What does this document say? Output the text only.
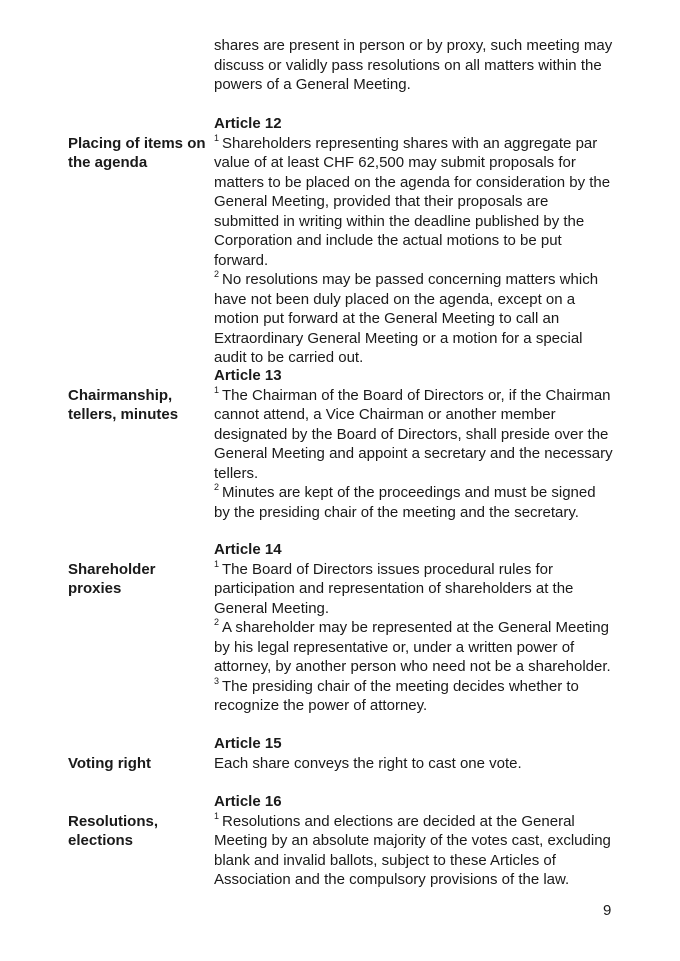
shares are present in person or by proxy, such meeting may discuss or validly pass resolutions on all matters within the powers of a General Meeting.
Placing of items on the agenda
Article 12
$^1$ Shareholders representing shares with an aggregate par value of at least CHF 62,500 may submit proposals for matters to be placed on the agenda for consideration by the General Meeting, provided that their proposals are submitted in writing within the deadline published by the Corporation and include the actual motions to be put forward.
$^2$ No resolutions may be passed concerning matters which have not been duly placed on the agenda, except on a motion put forward at the General Meeting to call an Extraordinary General Meeting or a motion for a special audit to be carried out.
Chairmanship, tellers, minutes
Article 13
$^1$ The Chairman of the Board of Directors or, if the Chairman cannot attend, a Vice Chairman or another member designated by the Board of Directors, shall preside over the General Meeting and appoint a secretary and the necessary tellers.
$^2$ Minutes are kept of the proceedings and must be signed by the presiding chair of the meeting and the secretary.
Shareholder proxies
Article 14
$^1$ The Board of Directors issues procedural rules for participation and representation of shareholders at the General Meeting.
$^2$ A shareholder may be represented at the General Meeting by his legal representative or, under a written power of attorney, by another person who need not be a shareholder.
$^3$ The presiding chair of the meeting decides whether to recognize the power of attorney.
Voting right
Article 15
Each share conveys the right to cast one vote.
Resolutions, elections
Article 16
$^1$ Resolutions and elections are decided at the General Meeting by an absolute majority of the votes cast, excluding blank and invalid ballots, subject to these Articles of Association and the compulsory provisions of the law.
9
